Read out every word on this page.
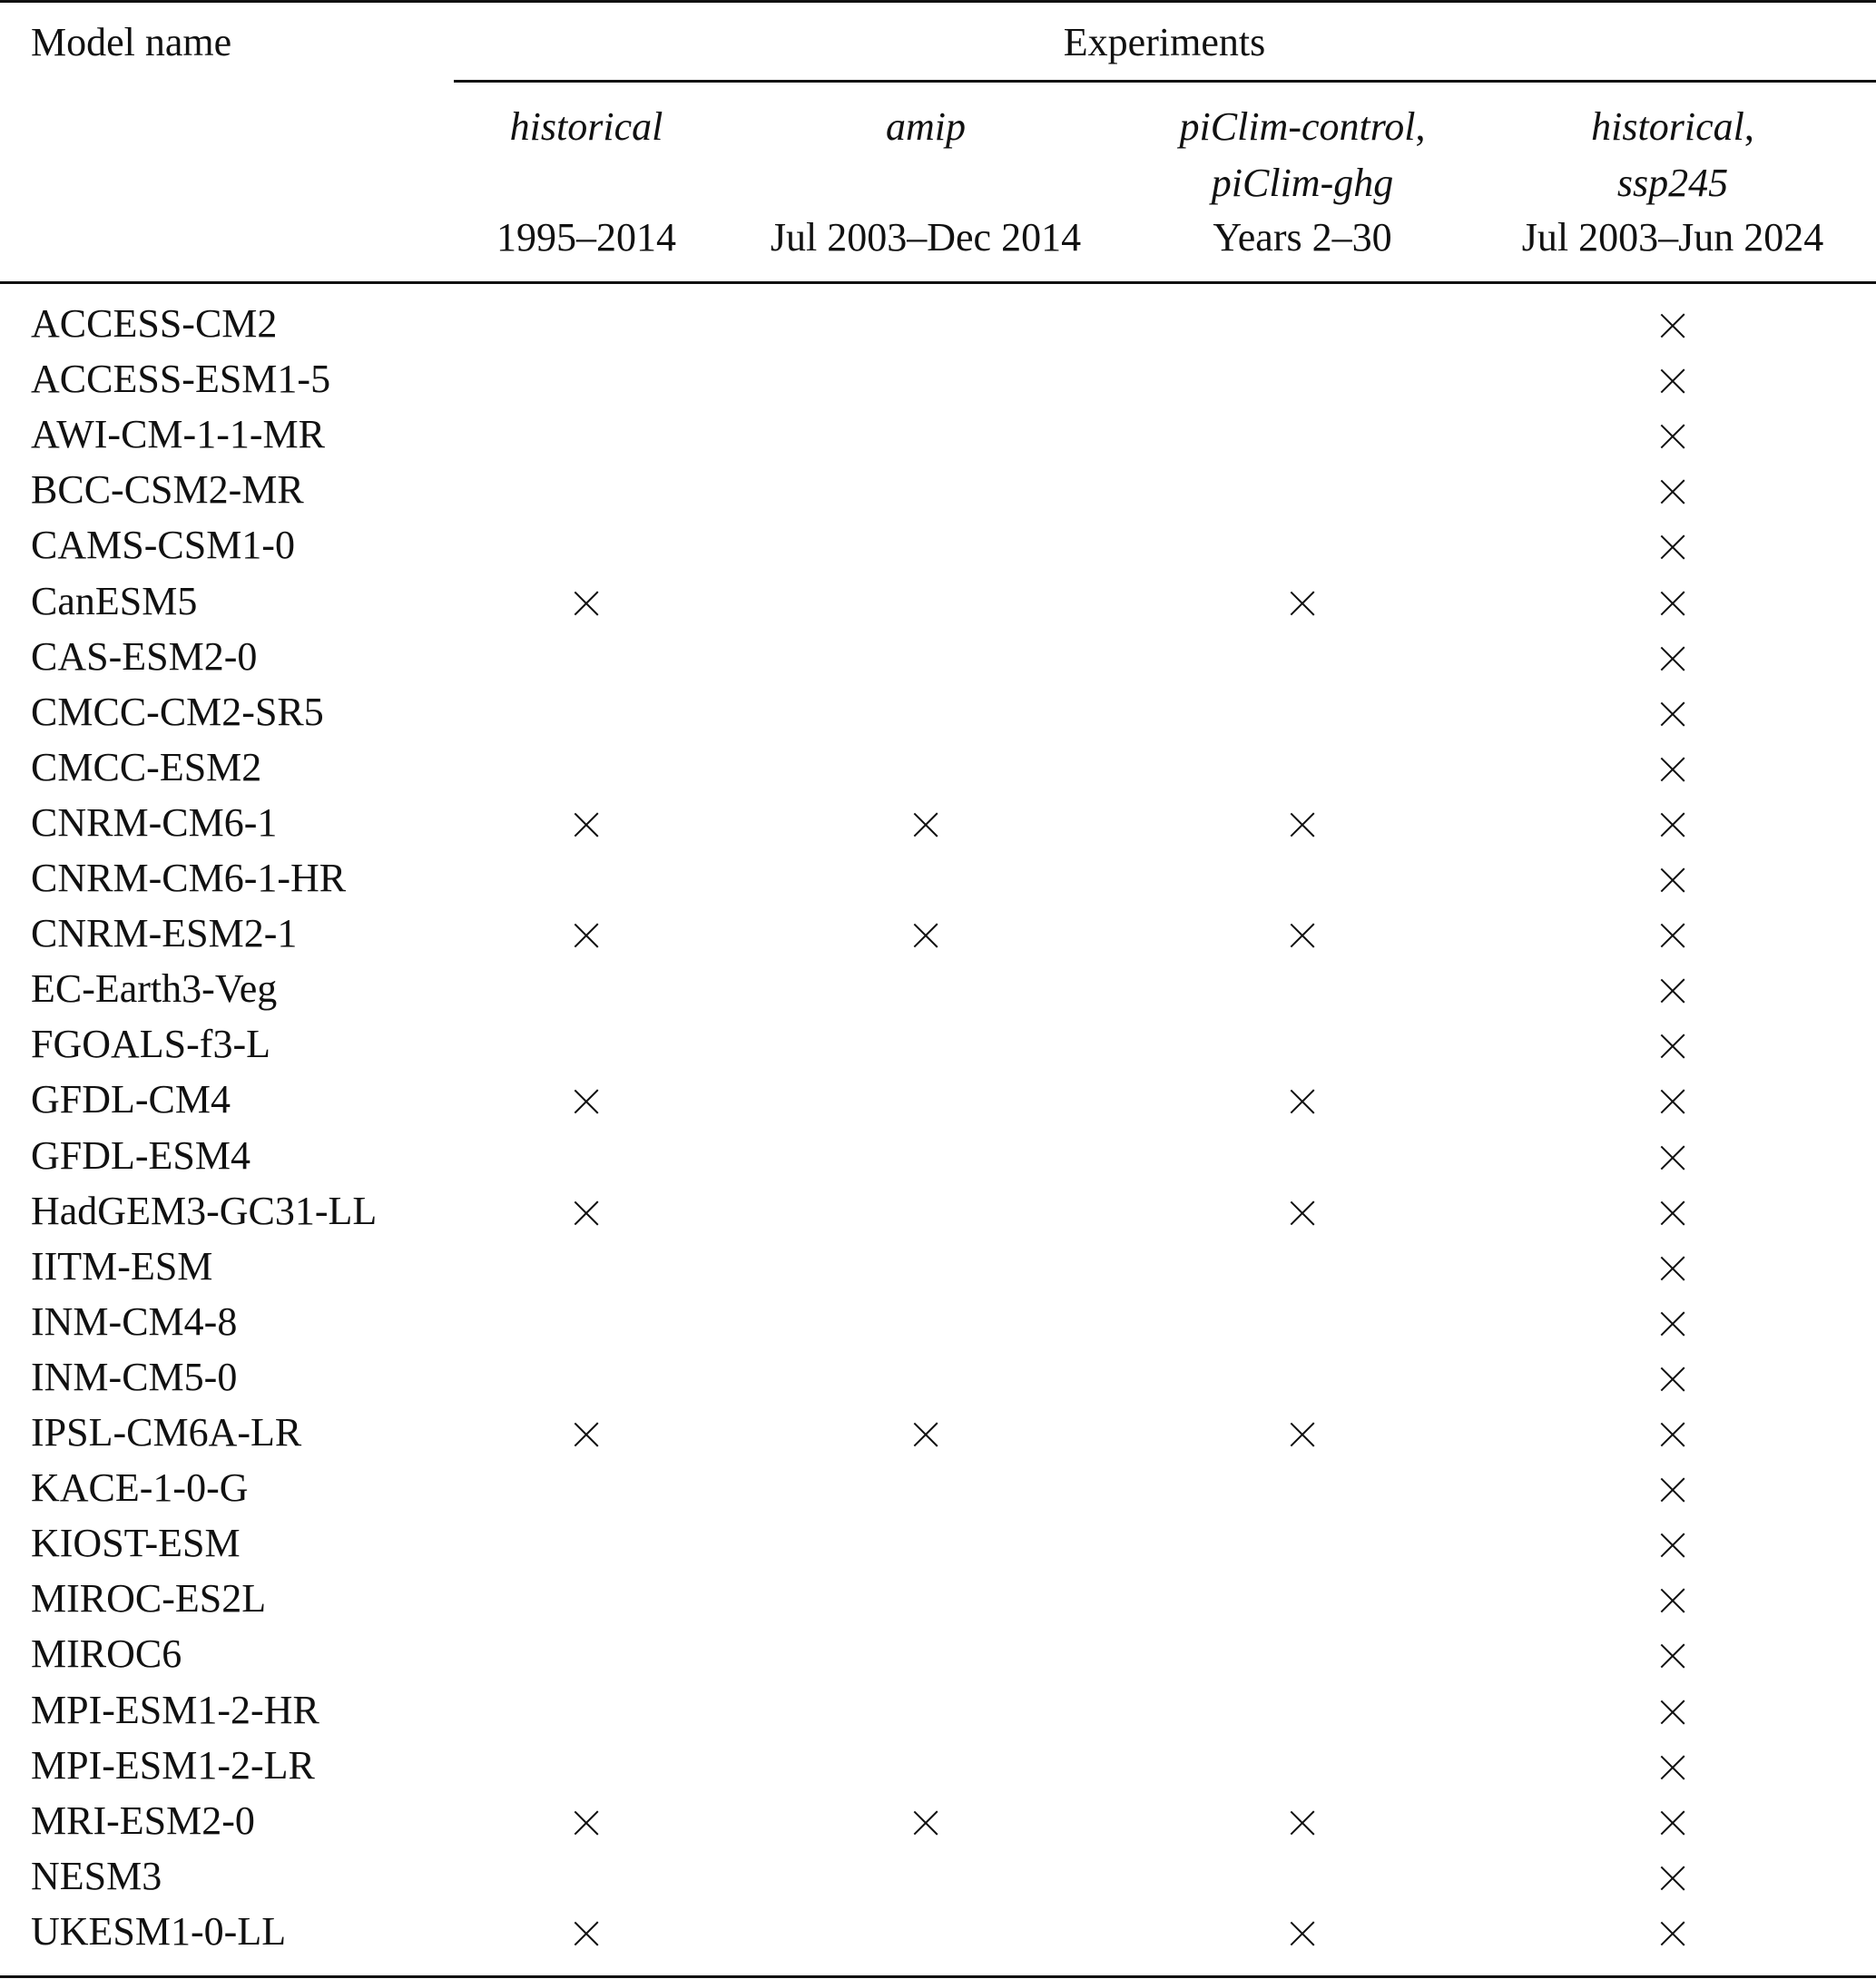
Model name	Experiments
historical
1995–2014
amip
Jul 2003–Dec 2014
piClim-control,
piClim-ghg
Years 2–30
historical,
ssp245
Jul 2003–Jun 2024
ACCESS-CM2
ACCESS-ESM1-5
AWI-CM-1-1-MR
BCC-CSM2-MR
CAMS-CSM1-0
CanESM5
CAS-ESM2-0
CMCC-CM2-SR5
CMCC-ESM2
CNRM-CM6-1
CNRM-CM6-1-HR
CNRM-ESM2-1
EC-Earth3-Veg
FGOALS-f3-L
GFDL-CM4
GFDL-ESM4
HadGEM3-GC31-LL
IITM-ESM
INM-CM4-8
INM-CM5-0
IPSL-CM6A-LR
KACE-1-0-G
KIOST-ESM
MIROC-ES2L
MIROC6
MPI-ESM1-2-HR
MPI-ESM1-2-LR
MRI-ESM2-0
NESM3
UKESM1-0-LL
